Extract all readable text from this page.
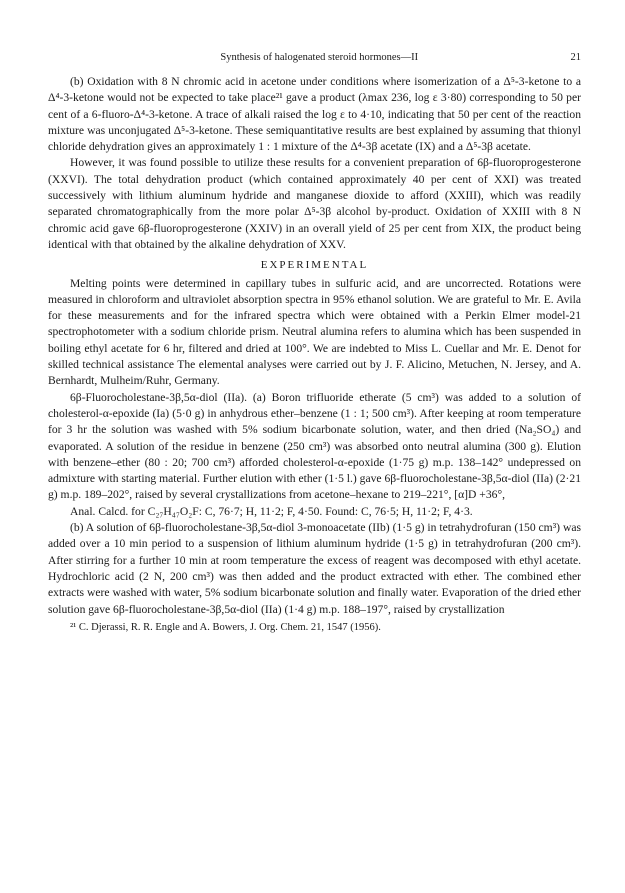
Synthesis of halogenated steroid hormones—II	21

(b) Oxidation with 8 N chromic acid in acetone under conditions where isomerization of a Δ⁵-3-ketone to a Δ⁴-3-ketone would not be expected to take place²¹ gave a product (λmax 236, log ε 3·80) corresponding to 50 per cent of a 6-fluoro-Δ⁴-3-ketone. A trace of alkali raised the log ε to 4·10, indicating that 50 per cent of the reaction mixture was unconjugated Δ⁵-3-ketone. These semiquantitative results are best explained by assuming that thionyl chloride dehydration gives an approximately 1 : 1 mixture of the Δ⁴-3β acetate (IX) and a Δ⁵-3β acetate.

However, it was found possible to utilize these results for a convenient preparation of 6β-fluoroprogesterone (XXVI). The total dehydration product (which contained approximately 40 per cent of XXI) was treated successively with lithium aluminum hydride and manganese dioxide to afford (XXIII), which was readily separated chromatographically from the more polar Δ⁵-3β alcohol by-product. Oxidation of XXIII with 8 N chromic acid gave 6β-fluoroprogesterone (XXIV) in an overall yield of 25 per cent from XIX, the product being identical with that obtained by the alkaline dehydration of XXV.

EXPERIMENTAL

Melting points were determined in capillary tubes in sulfuric acid, and are uncorrected. Rotations were measured in chloroform and ultraviolet absorption spectra in 95% ethanol solution. We are grateful to Mr. E. Avila for these measurements and for the infrared spectra which were obtained with a Perkin Elmer model-21 spectrophotometer with a sodium chloride prism. Neutral alumina refers to alumina which has been suspended in boiling ethyl acetate for 6 hr, filtered and dried at 100°. We are indebted to Miss L. Cuellar and Mr. E. Denot for skilled technical assistance The elemental analyses were carried out by J. F. Alicino, Metuchen, N. Jersey, and A. Bernhardt, Mulheim/Ruhr, Germany.

6β-Fluorocholestane-3β,5α-diol (IIa). (a) Boron trifluoride etherate (5 cm³) was added to a solution of cholesterol-α-epoxide (Ia) (5·0 g) in anhydrous ether–benzene (1 : 1; 500 cm³). After keeping at room temperature for 3 hr the solution was washed with 5% sodium bicarbonate solution, water, and then dried (Na₂SO₄) and evaporated. A solution of the residue in benzene (250 cm³) was absorbed onto neutral alumina (300 g). Elution with benzene–ether (80 : 20; 700 cm³) afforded cholesterol-α-epoxide (1·75 g) m.p. 138–142° undepressed on admixture with starting material. Further elution with ether (1·5 l.) gave 6β-fluorocholestane-3β,5α-diol (IIa) (2·21 g) m.p. 189–202°, raised by several crystallizations from acetone–hexane to 219–221°, [α]D +36°,

Anal. Calcd. for C₂₇H₄₇O₂F: C, 76·7; H, 11·2; F, 4·50. Found: C, 76·5; H, 11·2; F, 4·3.

(b) A solution of 6β-fluorocholestane-3β,5α-diol 3-monoacetate (IIb) (1·5 g) in tetrahydrofuran (150 cm³) was added over a 10 min period to a suspension of lithium aluminum hydride (1·5 g) in tetrahydrofuran (200 cm³). After stirring for a further 10 min at room temperature the excess of reagent was decomposed with ethyl acetate. Hydrochloric acid (2 N, 200 cm³) was then added and the product extracted with ether. The combined ether extracts were washed with water, 5% sodium bicarbonate solution and finally water. Evaporation of the dried ether solution gave 6β-fluorocholestane-3β,5α-diol (IIa) (1·4 g) m.p. 188–197°, raised by crystallization

²¹ C. Djerassi, R. R. Engle and A. Bowers, J. Org. Chem. 21, 1547 (1956).
